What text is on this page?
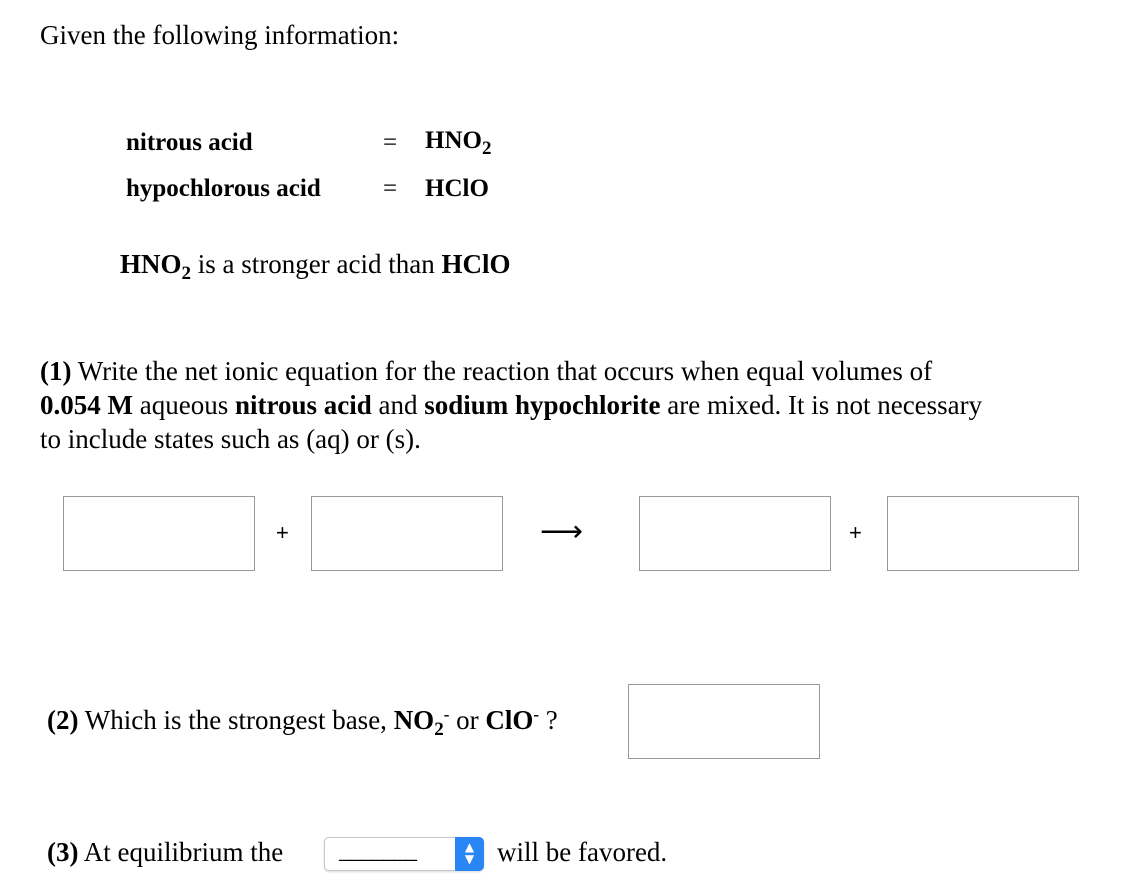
Given the following information:
nitrous acid	= $HNO_2$
hypochlorous acid = HClO
$HNO_2$ is a stronger acid than HClO
(1) Write the net ionic equation for the reaction that occurs when equal volumes of
0.054 M aqueous nitrous acid and sodium hypochlorite are mixed. It is not necessary
to include states such as (aq) or (s).
+	⟶	+
(2) Which is the strongest base, $NO_2^-$ or ClO- ?
(3) At equilibrium the _______	▲
▼ will be favored.
